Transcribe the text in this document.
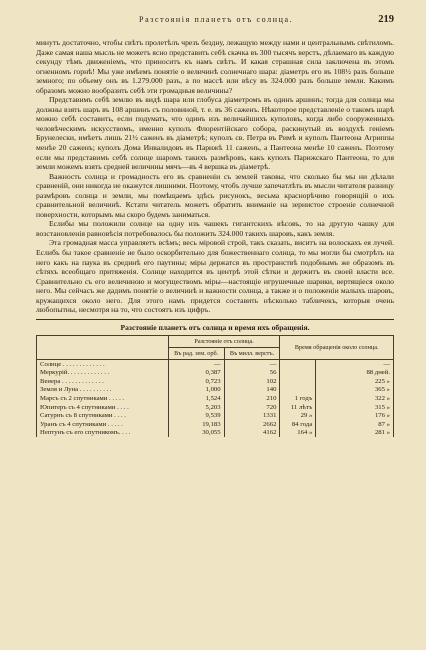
Разстоянія планетъ отъ солнца.	219

минутъ достаточно, чтобы свѣтъ пролетѣлъ чрезъ бездну, лежащую между нами и центральнымъ свѣтиломъ. Даже самая наша мысль не можетъ ясно представить себѣ скачка въ 300 тысячъ верстъ, дѣлаемаго въ каждую секунду тѣмъ движеніемъ, что приноситъ къ намъ свѣтъ. И какая страшная сила заключена въ этомъ огненномъ горнѣ! Мы уже имѣемъ понятіе о величинѣ солнечнаго шара: діаметръ его въ 108½ разъ больше земного; по объему онъ въ 1.279.000 разъ, а по массѣ или вѣсу въ 324.000 разъ больше земли. Какимъ образомъ можно вообразить себѣ эти громадныя величины?

Представимъ себѣ землю въ видѣ шара или глобуса діаметромъ въ одинъ аршинъ; тогда для солнца мы должны взять шаръ въ 108 аршинъ съ половиной, т. е. въ 36 саженъ. Нѣкоторое представленіе о такомъ шарѣ можно себѣ составить, если подумать, что одинъ изъ величайшихъ куполовъ, когда либо сооруженныхъ человѣческимъ искусствомъ, именно куполъ Флорентійскаго собора, раскинутый въ воздухѣ геніемъ Брунелески, имѣетъ лишь 21½ саженъ въ діаметрѣ; куполъ св. Петра въ Римѣ и куполъ Пантеона Агриппы менѣе 20 саженъ; куполъ Дома Инвалидовъ въ Парижѣ 11 саженъ, а Пантеона менѣе 10 саженъ. Поэтому если мы представимъ себѣ солнце шаромъ такихъ размѣровъ, какъ куполъ Парижскаго Пантеона, то для земли можемъ взять средней величины мячъ—въ 4 вершка въ діаметрѣ.

Важность солнца и громадность его въ сравненіи съ землей таковы, что сколько бы мы ни дѣлали сравненій, они никогда не окажутся лишними. Поэтому, чтобъ лучше запечатлѣть въ мысли читателя разницу размѣровъ солнца и земли, мы помѣщаемъ здѣсь рисунокъ, весьма краснорѣчиво говорящій о ихъ сравнительной величинѣ. Кстати читатель можетъ обратить вниманіе на зернистое строеніе солнечной поверхности, которымъ мы скоро будемъ заниматься.

Еслибы мы положили солнце на одну изъ чашекъ гигантскихъ вѣсовъ, то на другую чашку для возстановленія равновѣсія потребовалось бы положить 324.000 такихъ шаровъ, какъ земля.

Эта громадная масса управляетъ всѣмъ; весь міровой строй, такъ сказать, виситъ на волоскахъ ея лучей. Еслибъ бы такое сравненіе не было оскорбительно для божественнаго солнца, то мы могли бы смотрѣть на него какъ на паука въ срединѣ его паутины; міры держатся въ пространствѣ подобнымъ же образомъ въ сѣтяхъ всеобщаго притяженія. Солнце находится въ центрѣ этой сѣтки и держитъ въ своей власти все. Сравнительно съ его величиною и могуществомъ міры—настоящіе игрушечные шарики, вертящіеся около него. Мы сейчасъ же дадимъ понятіе о величинѣ и важности солнца, а также и о положеніи малыхъ шаровъ, кружащихся около него. Для этого намъ придется составить нѣсколько табличекъ, которыя очень любопытны, несмотря на то, что состоятъ изъ цифръ.

Разстояніе планетъ отъ солнца и время ихъ обращенія.
	Разстояніе отъ солнца.		Время обращенія около солнца.	
	Въ рад. зем. орб.	Въ милл. верстъ.		
Солнце . . . . . . . . . . . . .	—	—		—
Меркурій. . . . . . . . . . . . .	0,387	56		88 дней.
Венера . . . . . . . . . . . . .	0,723	102		225 »
Земля и Луна . . . . . . . . . .	1,000	140		365 »
Марсъ съ 2 спутниками . . . . .	1,524	210	1 годъ	322 »
Юпитеръ съ 4 спутниками . . . .	5,203	720	11 лѣтъ	315 »
Сатурнъ съ 8 спутниками . . . .	9,539	1331	29 »	176 »
Уранъ съ 4 спутниками . . . . .	19,183	2662	84 года	87 »
Нептунъ съ его спутникомъ. . . .	30,055	4162	164 »	281 »
